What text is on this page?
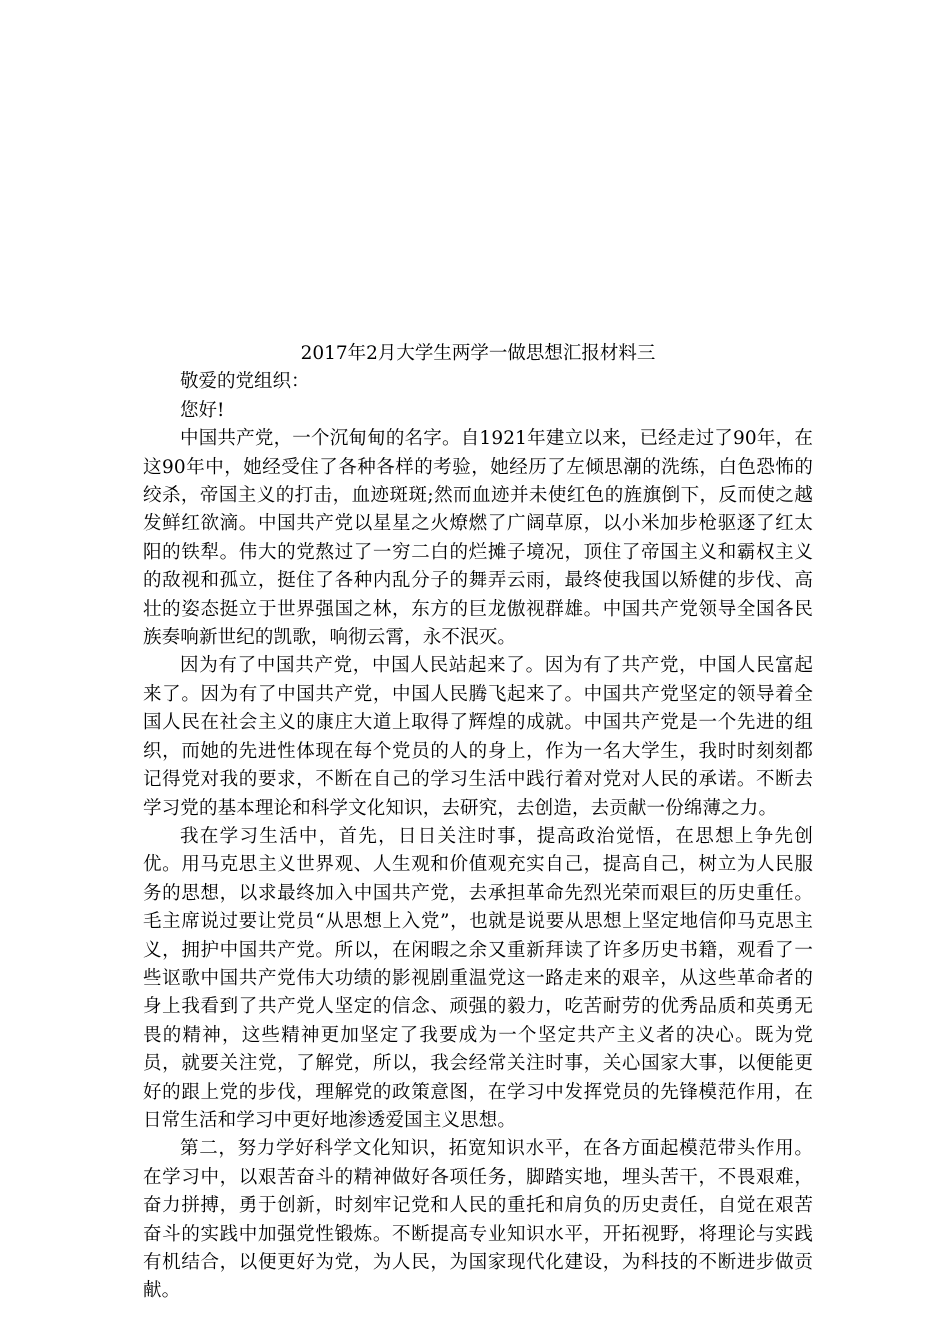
2017年2月大学生两学一做思想汇报材料三

敬爱的党组织：

您好!

中国共产党，一个沉甸甸的名字。自1921年建立以来，已经走过了90年，在这90年中，她经受住了各种各样的考验，她经历了左倾思潮的洗练，白色恐怖的绞杀，帝国主义的打击，血迹斑斑;然而血迹并未使红色的旌旗倒下，反而使之越发鲜红欲滴。中国共产党以星星之火燎燃了广阔草原，以小米加步枪驱逐了红太阳的铁犁。伟大的党熬过了一穷二白的烂摊子境况，顶住了帝国主义和霸权主义的敌视和孤立，挺住了各种内乱分子的舞弄云雨，最终使我国以矫健的步伐、高壮的姿态挺立于世界强国之林，东方的巨龙傲视群雄。中国共产党领导全国各民族奏响新世纪的凯歌，响彻云霄，永不泯灭。

因为有了中国共产党，中国人民站起来了。因为有了共产党，中国人民富起来了。因为有了中国共产党，中国人民腾飞起来了。中国共产党坚定的领导着全国人民在社会主义的康庄大道上取得了辉煌的成就。中国共产党是一个先进的组织，而她的先进性体现在每个党员的人的身上，作为一名大学生，我时时刻刻都记得党对我的要求，不断在自己的学习生活中践行着对党对人民的承诺。不断去学习党的基本理论和科学文化知识，去研究，去创造，去贡献一份绵薄之力。

我在学习生活中，首先，日日关注时事，提高政治觉悟，在思想上争先创优。用马克思主义世界观、人生观和价值观充实自己，提高自己，树立为人民服务的思想，以求最终加入中国共产党，去承担革命先烈光荣而艰巨的历史重任。毛主席说过要让党员“从思想上入党”，也就是说要从思想上坚定地信仰马克思主义，拥护中国共产党。所以，在闲暇之余又重新拜读了许多历史书籍，观看了一些讴歌中国共产党伟大功绩的影视剧重温党这一路走来的艰辛，从这些革命者的身上我看到了共产党人坚定的信念、顽强的毅力，吃苦耐劳的优秀品质和英勇无畏的精神，这些精神更加坚定了我要成为一个坚定共产主义者的决心。既为党员，就要关注党，了解党，所以，我会经常关注时事，关心国家大事，以便能更好的跟上党的步伐，理解党的政策意图，在学习中发挥党员的先锋模范作用，在日常生活和学习中更好地渗透爱国主义思想。

第二，努力学好科学文化知识，拓宽知识水平，在各方面起模范带头作用。在学习中，以艰苦奋斗的精神做好各项任务，脚踏实地，埋头苦干，不畏艰难，奋力拼搏，勇于创新，时刻牢记党和人民的重托和肩负的历史责任，自觉在艰苦奋斗的实践中加强党性锻炼。不断提高专业知识水平，开拓视野，将理论与实践有机结合，以便更好为党，为人民，为国家现代化建设，为科技的不断进步做贡献。
